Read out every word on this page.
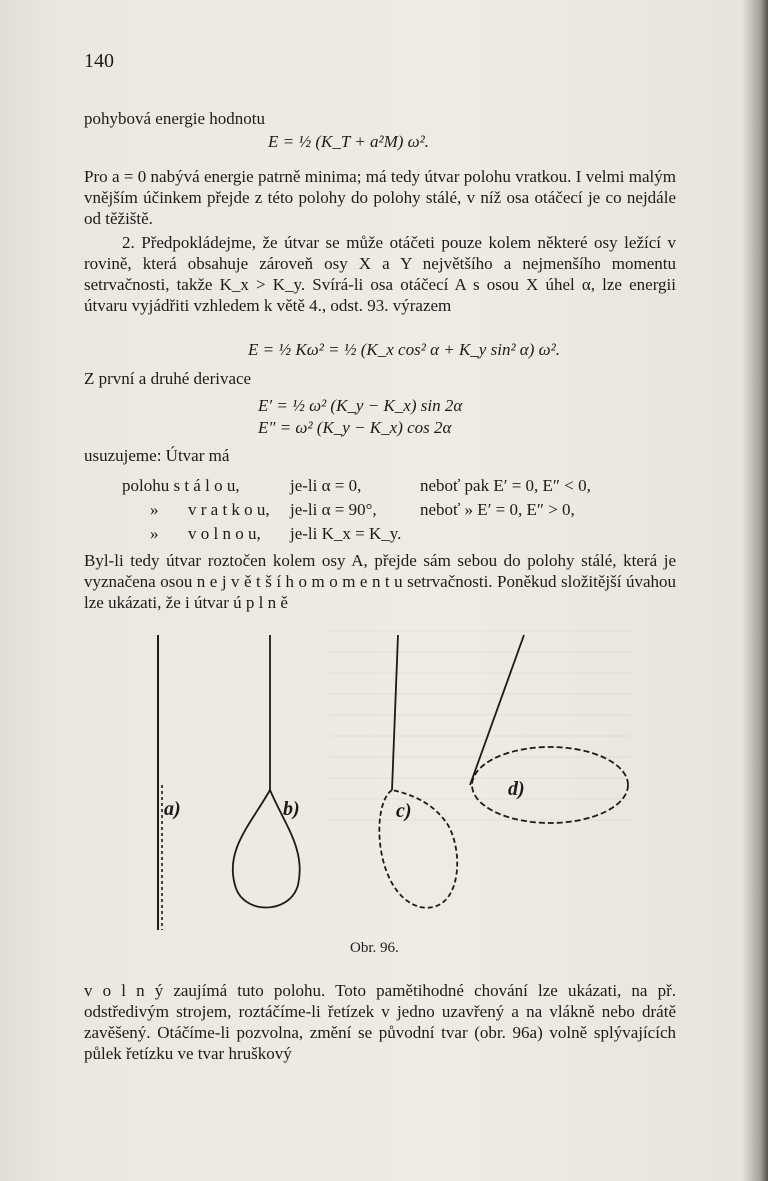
140
pohybová energie hodnotu
E = ½ (K_T + a²M) ω².
Pro a = 0 nabývá energie patrně minima; má tedy útvar polohu vratkou. I velmi malým vnějším účinkem přejde z této polohy do polohy stálé, v níž osa otáčecí je co nejdále od těžiště.
2. Předpokládejme, že útvar se může otáčeti pouze kolem některé osy ležící v rovině, která obsahuje zároveň osy X a Y největšího a nejmenšího momentu setrvačnosti, takže K_x > K_y. Svírá-li osa otáčecí A s osou X úhel α, lze energii útvaru vyjádřiti vzhledem k větě 4., odst. 93. výrazem
E = ½ Kω² = ½ (K_x cos² α + K_y sin² α) ω².
Z první a druhé derivace
E′ = ½ ω² (K_y − K_x) sin 2α
E″ = ω² (K_y − K_x) cos 2α
usuzujeme: Útvar má
polohu s t á l o u,	je-li α = 0,	neboť pak E′ = 0, E″ < 0,
» v r a t k o u, je-li α = 90°,	neboť » E′ = 0, E″ > 0,
» v o l n o u, je-li K_x = K_y.
Byl-li tedy útvar roztočen kolem osy A, přejde sám sebou do polohy stálé, která je vyznačena osou n e j v ě t š í h o m o m e n t u setrvačnosti. Poněkud složitější úvahou lze ukázati, že i útvar ú p l n ě
a)	b)	c)
d)
Obr. 96.
v o l n ý zaujímá tuto polohu. Toto pamětihodné chování lze ukázati, na př. odstředivým strojem, roztáčíme-li řetízek v jedno uzavřený a na vlákně nebo drátě zavěšený. Otáčíme-li pozvolna, změní se původní tvar (obr. 96a) volně splývajících půlek řetízku ve tvar hruškový
